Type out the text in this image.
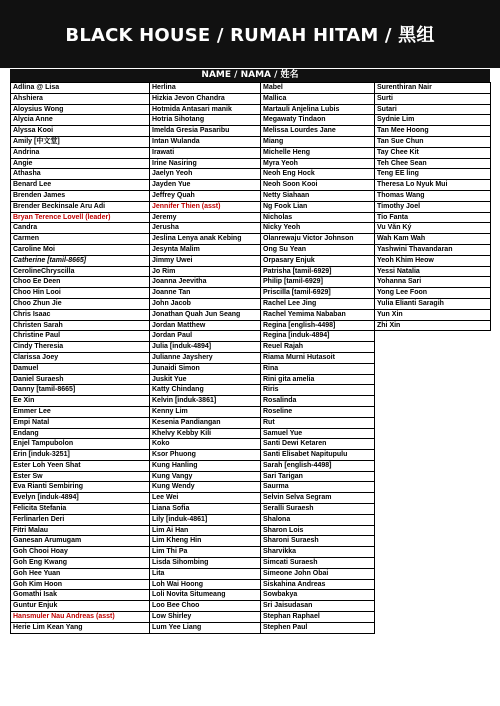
BLACK HOUSE / RUMAH HITAM / 黑组
NAME / NAMA / 姓名
Adlina @ Lisa	Herlina	Mabel	Surenthiran Nair
Ahshiera	Hizkia Jevon Chandra	Mallica	Surti
Aloysius Wong	Hotmida Antasari manik	Martauli Anjelina Lubis	Sutari
Alycia Anne	Hotria Sihotang	Megawaty Tindaon	Sydnie Lim
Alyssa Kooi	Imelda Gresia Pasaribu	Melissa Lourdes Jane	Tan Mee Hoong
Amily [中文堂]	Intan Wulanda	Miang	Tan Sue Chun
Andrina	Irawati	Michelle Heng	Tay Chee Kit
Angie	Irine Nasiring	Myra Yeoh	Teh Chee Sean
Athasha	Jaelyn Yeoh	Neoh Eng Hock	Teng EE ling
Benard Lee	Jayden Yue	Neoh Soon Kooi	Theresa Lo Nyuk Mui
Brenden James	Jeffrey Quah	Netty Siahaan	Thomas Wang
Brender Beckinsale Aru Adi	Jennifer Thien (asst)	Ng Fook Lian	Timothy Joel
Bryan Terence Lovell (leader)	Jeremy	Nicholas	Tio Fanta
Candra	Jerusha	Nicky Yeoh	Vu Văn Ký
Carmen	Jeslina Lenya anak Kebing	Olanrewaju Victor Johnson	Wah Kam Wah
Caroline Moi	Jesynta Malim	Ong Su Yean	Yashwini Thavandaran
Catherine [tamil-8665]	Jimmy Uwei	Orpasary Enjuk	Yeoh Khim Heow
CerolineChryscilla	Jo Rim	Patrisha [tamil-6929]	Yessi Natalia
Choo Ee Deen	Joanna Jeevitha	Philip [tamil-6929]	Yohanna Sari
Choo Hin Looi	Joanne Tan	Priscilla [tamil-6929]	Yong Lee Foon
Choo Zhun Jie	John Jacob	Rachel Lee Jing	Yulia Elianti Saragih
Chris Isaac	Jonathan Quah Jun Seang	Rachel Yemima Nababan	Yun Xin
Christen Sarah	Jordan Matthew	Regina [english-4498]	Zhi Xin
Christine Paul	Jordan Paul	Regina [induk-4894]	
Cindy Theresia	Julia [induk-4894]	Reuel Rajah	
Clarissa Joey	Julianne Jayshery	Riama Murni Hutasoit	
Damuel	Junaidi Simon	Rina	
Daniel Suraesh	Juskit Yue	Rini gita amelia	
Danny [tamil-8665]	Katty Chindang	Riris	
Ee Xin	Kelvin [induk-3861]	Rosalinda	
Emmer Lee	Kenny Lim	Roseline	
Empi Natal	Kesenia Pandiangan	Rut	
Endang	Khelvy Kebby Kili	Samuel Yue	
Enjel Tampubolon	Koko	Santi Dewi Ketaren	
Erin [induk-3251]	Ksor Phuong	Santi Elisabet Napitupulu	
Ester Loh Yeen Shat	Kung Hanling	Sarah [english-4498]	
Ester Sw	Kung Vangy	Sari Tarigan	
Eva Rianti Sembiring	Kung Wendy	Saurma	
Evelyn [induk-4894]	Lee Wei	Selvin Selva Segram	
Felicita Stefania	Liana Sofia	Seralli Suraesh	
Ferlinarlen Deri	Lily [induk-4861]	Shalona	
Fitri Malau	Lim Ai Han	Sharon Lois	
Ganesan Arumugam	Lim Kheng Hin	Sharoni Suraesh	
Goh Chooi Hoay	Lim Thi Pa	Sharvikka	
Goh Eng Kwang	Lisda Sihombing	Simcati Suraesh	
Goh Hee Yuan	Lita	Simeone John Obai	
Goh Kim Hoon	Loh Wai Hoong	Siskahina Andreas	
Gomathi Isak	Loli Novita Situmeang	Sowbakya	
Guntur Enjuk	Loo Bee Choo	Sri Jaisudasan	
Hansmuler Nau Andreas (asst)	Low Shirley	Stephan Raphael	
Herie Lim Kean Yang	Lum Yee Liang	Stephen Paul	
